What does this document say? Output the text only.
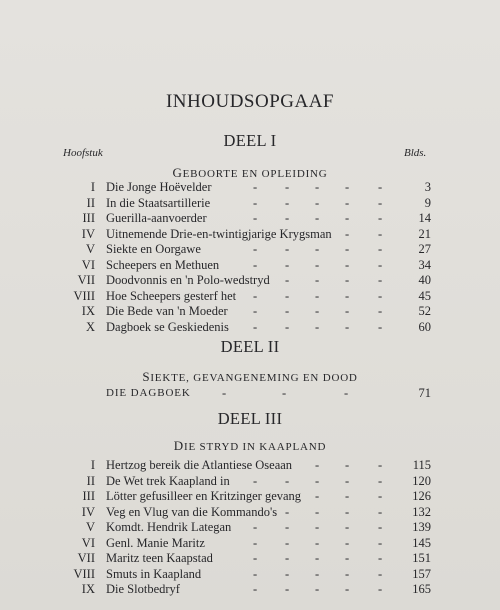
INHOUDSOPGAAF
DEEL I
Hoofstuk	Blds.
GEBOORTE EN OPLEIDING
I Die Jonge Hoëvelder	3
- - - - -
II In die Staatsartillerie	9
- - - - -
III Guerilla-aanvoerder	14
- - - - -
IV Uitnemende Drie-en-twintigjarige Krygsman	21
- -
V Siekte en Oorgawe	27
- - - - -
VI Scheepers en Methuen	34
- - - - -
VII Doodvonnis en 'n Polo-wedstryd	40
- - - -
VIII Hoe Scheepers gesterf het	45
- - - - -
IX Die Bede van 'n Moeder	52
- - - - -
X Dagboek se Geskiedenis	60
- - - - -
DEEL II
SIEKTE, GEVANGENEMING EN DOOD
DIE DAGBOEK -	-	-	71
DEEL III
DIE STRYD IN KAAPLAND
I Hertzog bereik die Atlantiese Oseaan	115
- - -
II De Wet trek Kaapland in	120
- - - - -
III Lötter gefusilleer en Kritzinger gevang	126
- - -
IV Veg en Vlug van die Kommando's	132
- - - -
V Komdt. Hendrik Lategan	139
- - - - -
VI Genl. Manie Maritz	145
- - - - -
VII Maritz teen Kaapstad	151
- - - - -
VIII Smuts in Kaapland	157
- - - - -
IX Die Slotbedryf	165
- - - - -
